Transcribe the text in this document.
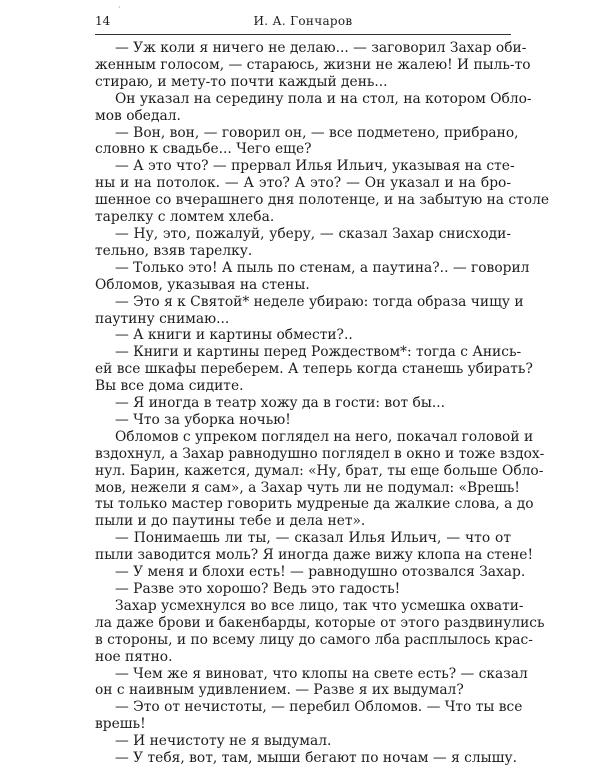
·
14	И. А. Гончаров
— Уж коли я ничего не делаю... — заговорил Захар оби-
женным голосом, — стараюсь, жизни не жалею! И пыль-то
стираю, и мету-то почти каждый день...
Он указал на середину пола и на стол, на котором Обло-
мов обедал.
— Вон, вон, — говорил он, — все подметено, прибрано,
словно к свадьбе... Чего еще?
— А это что? — прервал Илья Ильич, указывая на сте-
ны и на потолок. — А это? А это? — Он указал и на бро-
шенное со вчерашнего дня полотенце, и на забытую на столе
тарелку с ломтем хлеба.
— Ну, это, пожалуй, уберу, — сказал Захар снисходи-
тельно, взяв тарелку.
— Только это! А пыль по стенам, а паутина?.. — говорил
Обломов, указывая на стены.
— Это я к Святой* неделе убираю: тогда образа чищу и
паутину снимаю...
— А книги и картины обмести?..
— Книги и картины перед Рождеством*: тогда с Анись-
ей все шкафы переберем. А теперь когда станешь убирать?
Вы все дома сидите.
— Я иногда в театр хожу да в гости: вот бы...
— Что за уборка ночью!
Обломов с упреком поглядел на него, покачал головой и
вздохнул, а Захар равнодушно поглядел в окно и тоже вздох-
нул. Барин, кажется, думал: «Ну, брат, ты еще больше Обло-
мов, нежели я сам», а Захар чуть ли не подумал: «Врешь!
ты только мастер говорить мудреные да жалкие слова, а до
пыли и до паутины тебе и дела нет».
— Понимаешь ли ты, — сказал Илья Ильич, — что от
пыли заводится моль? Я иногда даже вижу клопа на стене!
— У меня и блохи есть! — равнодушно отозвался Захар.
— Разве это хорошо? Ведь это гадость!
Захар усмехнулся во все лицо, так что усмешка охвати-
ла даже брови и бакенбарды, которые от этого раздвинулись
в стороны, и по всему лицу до самого лба расплылось крас-
ное пятно.
— Чем же я виноват, что клопы на свете есть? — сказал
он с наивным удивлением. — Разве я их выдумал?
— Это от нечистоты, — перебил Обломов. — Что ты все
врешь!
— И нечистоту не я выдумал.
— У тебя, вот, там, мыши бегают по ночам — я слышу.
